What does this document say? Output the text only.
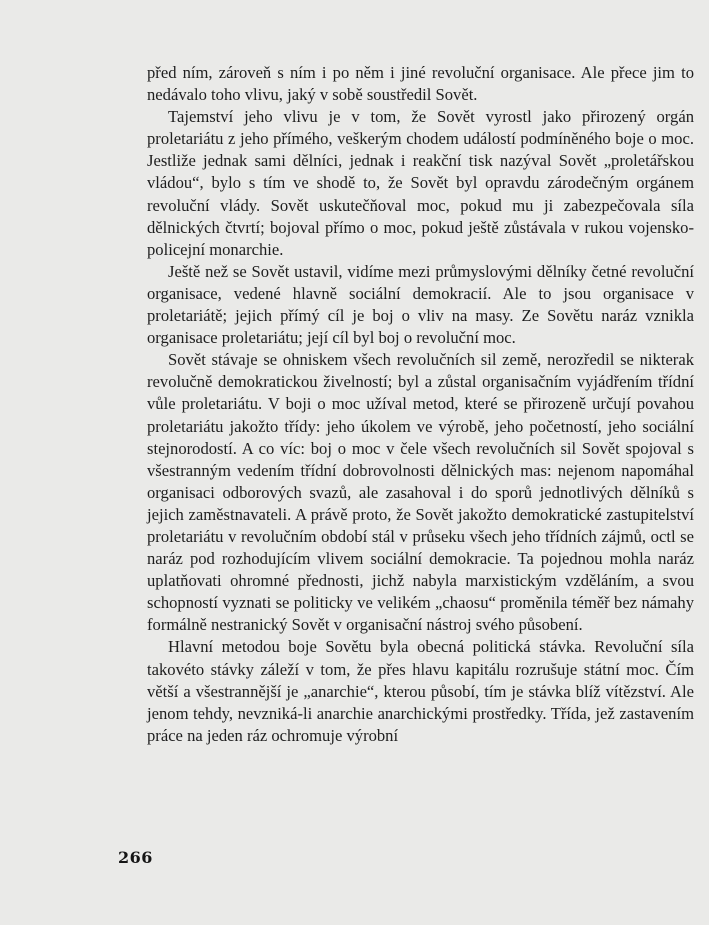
před ním, zároveň s ním i po něm i jiné revoluční organisace. Ale přece jim to nedávalo toho vlivu, jaký v sobě soustředil Sovět.

Tajemství jeho vlivu je v tom, že Sovět vyrostl jako přirozený orgán proletariátu z jeho přímého, veškerým chodem událostí podmíněného boje o moc. Jestliže jednak sami dělníci, jednak i reakční tisk nazýval Sovět „proletářskou vládou“, bylo s tím ve shodě to, že Sovět byl opravdu zárodečným orgánem revoluční vlády. Sovět uskutečňoval moc, pokud mu ji zabezpečovala síla dělnických čtvrtí; bojoval přímo o moc, pokud ještě zůstávala v rukou vojensko-policejní monarchie.

Ještě než se Sovět ustavil, vidíme mezi průmyslovými dělníky četné revoluční organisace, vedené hlavně sociální demokracií. Ale to jsou organisace v proletariátě; jejich přímý cíl je boj o vliv na masy. Ze Sovětu naráz vznikla organisace proletariátu; její cíl byl boj o revoluční moc.

Sovět stávaje se ohniskem všech revolučních sil země, nerozředil se nikterak revolučně demokratickou živelností; byl a zůstal organisačním vyjádřením třídní vůle proletariátu. V boji o moc užíval metod, které se přirozeně určují povahou proletariátu jakožto třídy: jeho úkolem ve výrobě, jeho početností, jeho sociální stejnorodostí. A co víc: boj o moc v čele všech revolučních sil Sovět spojoval s všestranným vedením třídní dobrovolnosti dělnických mas: nejenom napomáhal organisaci odborových svazů, ale zasahoval i do sporů jednotlivých dělníků s jejich zaměstnavateli. A právě proto, že Sovět jakožto demokratické zastupitelství proletariátu v revolučním období stál v průseku všech jeho třídních zájmů, octl se naráz pod rozhodujícím vlivem sociální demokracie. Ta pojednou mohla naráz uplatňovati ohromné přednosti, jichž nabyla marxistickým vzděláním, a svou schopností vyznati se politicky ve velikém „chaosu“ proměnila téměř bez námahy formálně nestranický Sovět v organisační nástroj svého působení.

Hlavní metodou boje Sovětu byla obecná politická stávka. Revoluční síla takovéto stávky záleží v tom, že přes hlavu kapitálu rozrušuje státní moc. Čím větší a všestrannější je „anarchie“, kterou působí, tím je stávka blíž vítězství. Ale jenom tehdy, nevzniká-li anarchie anarchickými prostředky. Třída, jež zastavením práce na jeden ráz ochromuje výrobní

266
